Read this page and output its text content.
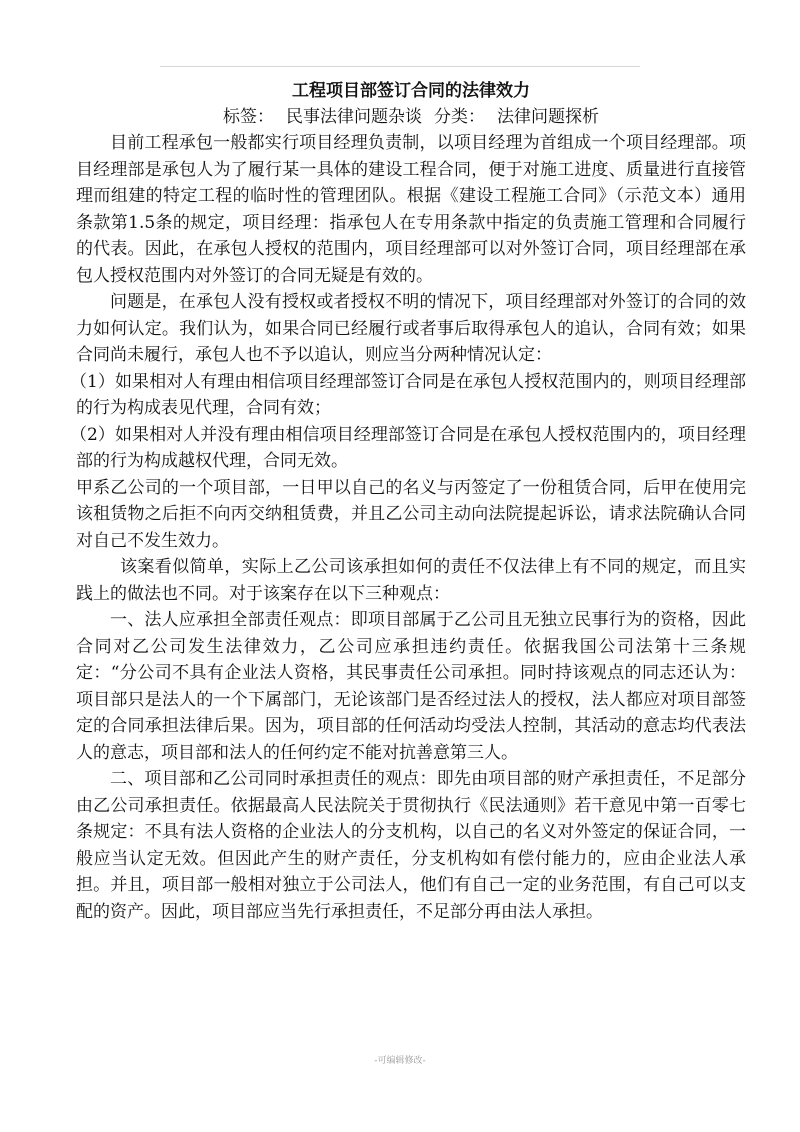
工程项目部签订合同的法律效力
标签： 民事法律问题杂谈 分类： 法律问题探析

目前工程承包一般都实行项目经理负责制，以项目经理为首组成一个项目经理部。项目经理部是承包人为了履行某一具体的建设工程合同，便于对施工进度、质量进行直接管理而组建的特定工程的临时性的管理团队。根据《建设工程施工合同》（示范文本）通用条款第1.5条的规定，项目经理：指承包人在专用条款中指定的负责施工管理和合同履行的代表。因此，在承包人授权的范围内，项目经理部可以对外签订合同，项目经理部在承包人授权范围内对外签订的合同无疑是有效的。

问题是，在承包人没有授权或者授权不明的情况下，项目经理部对外签订的合同的效力如何认定。我们认为，如果合同已经履行或者事后取得承包人的追认，合同有效；如果合同尚未履行，承包人也不予以追认，则应当分两种情况认定：

（1）如果相对人有理由相信项目经理部签订合同是在承包人授权范围内的，则项目经理部的行为构成表见代理，合同有效；

（2）如果相对人并没有理由相信项目经理部签订合同是在承包人授权范围内的，项目经理部的行为构成越权代理，合同无效。

甲系乙公司的一个项目部，一日甲以自己的名义与丙签定了一份租赁合同，后甲在使用完该租赁物之后拒不向丙交纳租赁费，并且乙公司主动向法院提起诉讼，请求法院确认合同对自己不发生效力。

该案看似简单，实际上乙公司该承担如何的责任不仅法律上有不同的规定，而且实践上的做法也不同。对于该案存在以下三种观点：

一、法人应承担全部责任观点：即项目部属于乙公司且无独立民事行为的资格，因此合同对乙公司发生法律效力，乙公司应承担违约责任。依据我国公司法第十三条规定：“分公司不具有企业法人资格，其民事责任公司承担。同时持该观点的同志还认为：项目部只是法人的一个下属部门，无论该部门是否经过法人的授权，法人都应对项目部签定的合同承担法律后果。因为，项目部的任何活动均受法人控制，其活动的意志均代表法人的意志，项目部和法人的任何约定不能对抗善意第三人。

二、项目部和乙公司同时承担责任的观点：即先由项目部的财产承担责任，不足部分由乙公司承担责任。依据最高人民法院关于贯彻执行《民法通则》若干意见中第一百零七条规定：不具有法人资格的企业法人的分支机构，以自己的名义对外签定的保证合同，一般应当认定无效。但因此产生的财产责任，分支机构如有偿付能力的，应由企业法人承担。并且，项目部一般相对独立于公司法人，他们有自己一定的业务范围，有自己可以支配的资产。因此，项目部应当先行承担责任，不足部分再由法人承担。

-可编辑修改-
